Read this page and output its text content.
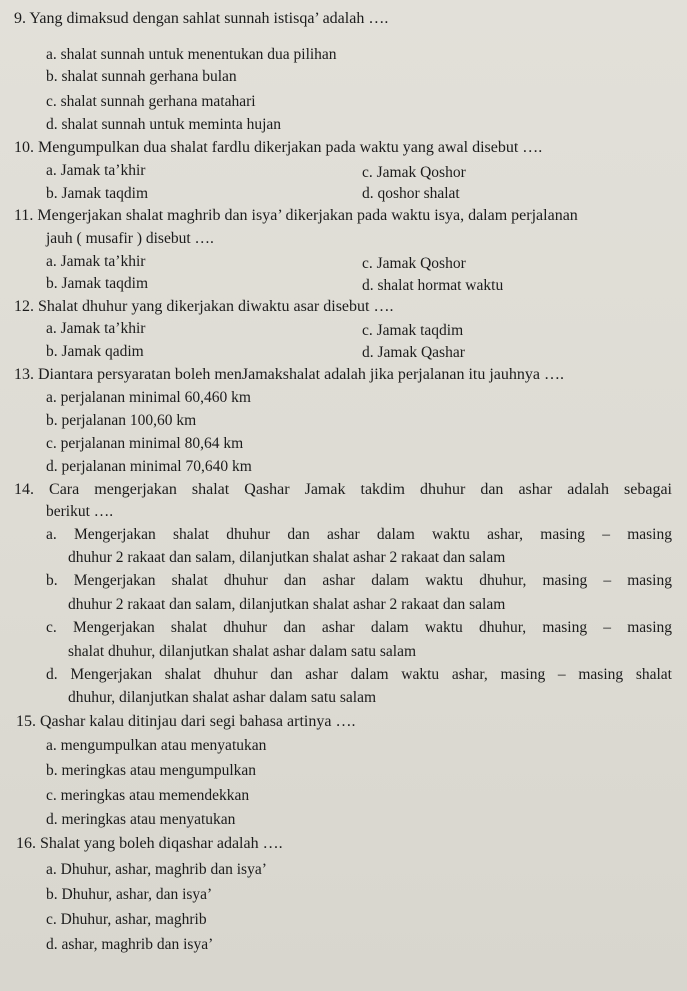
9. Yang dimaksud dengan sahlat sunnah istisqa’ adalah ….
a. shalat sunnah untuk menentukan dua pilihan
b. shalat sunnah gerhana bulan
c. shalat sunnah gerhana matahari
d. shalat sunnah untuk meminta hujan
10. Mengumpulkan dua shalat fardlu dikerjakan pada waktu yang awal disebut ….
a. Jamak ta’khir	c. Jamak Qoshor
b. Jamak taqdim	d. qoshor shalat
11. Mengerjakan shalat maghrib dan isya’ dikerjakan pada waktu isya, dalam perjalanan
jauh ( musafir ) disebut ….
a. Jamak ta’khir	c. Jamak Qoshor
b. Jamak taqdim	d. shalat hormat waktu
12. Shalat dhuhur yang dikerjakan diwaktu asar disebut ….
a. Jamak ta’khir	c. Jamak taqdim
b. Jamak qadim	d. Jamak Qashar
13. Diantara persyaratan boleh menJamakshalat adalah jika perjalanan itu jauhnya ….
a. perjalanan minimal 60,460 km
b. perjalanan 100,60 km
c. perjalanan minimal 80,64 km
d. perjalanan minimal 70,640 km
14. Cara mengerjakan shalat Qashar Jamak takdim dhuhur dan ashar adalah sebagai
berikut ….
a. Mengerjakan shalat dhuhur dan ashar dalam waktu ashar, masing – masing
dhuhur 2 rakaat dan salam, dilanjutkan shalat ashar 2 rakaat dan salam
b. Mengerjakan shalat dhuhur dan ashar dalam waktu dhuhur, masing – masing
dhuhur 2 rakaat dan salam, dilanjutkan shalat ashar 2 rakaat dan salam
c. Mengerjakan shalat dhuhur dan ashar dalam waktu dhuhur, masing – masing
shalat dhuhur, dilanjutkan shalat ashar dalam satu salam
d. Mengerjakan shalat dhuhur dan ashar dalam waktu ashar, masing – masing shalat
dhuhur, dilanjutkan shalat ashar dalam satu salam
15. Qashar kalau ditinjau dari segi bahasa artinya ….
a. mengumpulkan atau menyatukan
b. meringkas atau mengumpulkan
c. meringkas atau memendekkan
d. meringkas atau menyatukan
16. Shalat yang boleh diqashar adalah ….
a. Dhuhur, ashar, maghrib dan isya’
b. Dhuhur, ashar, dan isya’
c. Dhuhur, ashar, maghrib
d. ashar, maghrib dan isya’
